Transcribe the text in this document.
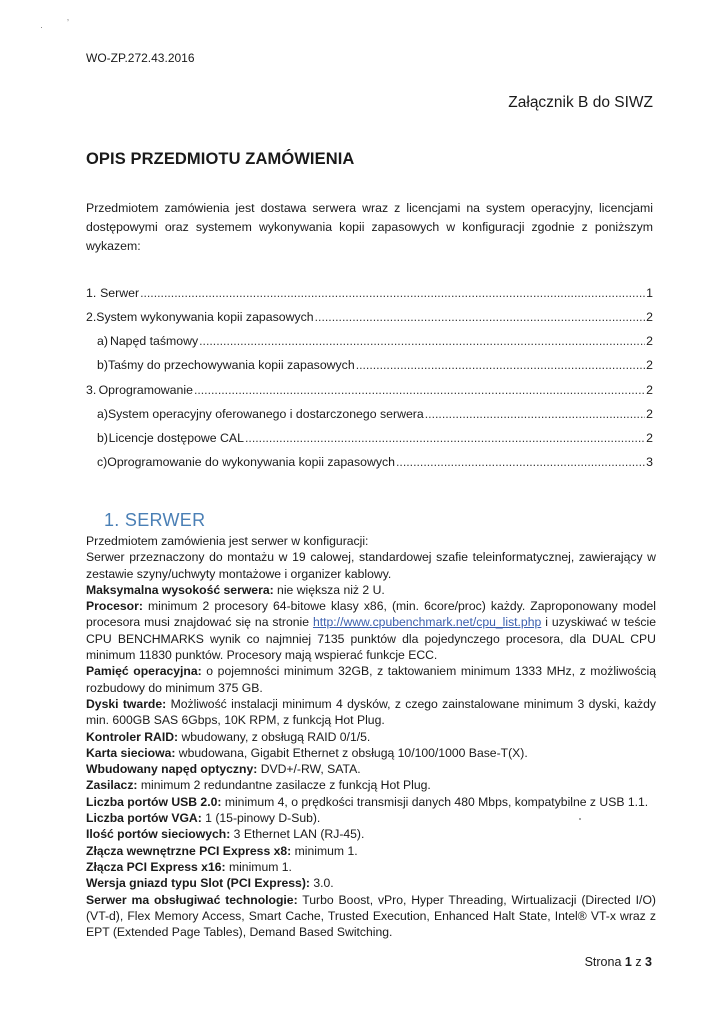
·	ʼ
WO-ZP.272.43.2016
Załącznik B do SIWZ
OPIS PRZEDMIOTU ZAMÓWIENIA

Przedmiotem zamówienia jest dostawa serwera wraz z licencjami na system operacyjny, licencjami dostępowymi oraz systemem wykonywania kopii zapasowych w konfiguracji zgodnie z poniższym wykazem:

1. Serwer .....	1
2. System wykonywania kopii zapasowych .....	2
a) Napęd taśmowy .....	2
b) Taśmy do przechowywania kopii zapasowych .....	2
3. Oprogramowanie .....	2
a) System operacyjny oferowanego i dostarczonego serwera .....	2
b) Licencje dostępowe CAL .....	2
c) Oprogramowanie do wykonywania kopii zapasowych .....	3
1. SERWER

Przedmiotem zamówienia jest serwer w konfiguracji:

Serwer przeznaczony do montażu w 19 calowej, standardowej szafie teleinformatycznej, zawierający w zestawie szyny/uchwyty montażowe i organizer kablowy.

Maksymalna wysokość serwera: nie większa niż 2 U.

Procesor: minimum 2 procesory 64-bitowe klasy x86, (min. 6core/proc) każdy. Zaproponowany model procesora musi znajdować się na stronie http://www.cpubenchmark.net/cpu_list.php i uzyskiwać w teście CPU BENCHMARKS wynik co najmniej 7135 punktów dla pojedynczego procesora, dla DUAL CPU minimum 11830 punktów. Procesory mają wspierać funkcje ECC.

Pamięć operacyjna: o pojemności minimum 32GB, z taktowaniem minimum 1333 MHz, z możliwością rozbudowy do minimum 375 GB.

Dyski twarde: Możliwość instalacji minimum 4 dysków, z czego zainstalowane minimum 3 dyski, każdy min. 600GB SAS 6Gbps, 10K RPM, z funkcją Hot Plug.

Kontroler RAID: wbudowany, z obsługą RAID 0/1/5.

Karta sieciowa: wbudowana, Gigabit Ethernet z obsługą 10/100/1000 Base-T(X).

Wbudowany napęd optyczny: DVD+/-RW, SATA.

Zasilacz: minimum 2 redundantne zasilacze z funkcją Hot Plug.

Liczba portów USB 2.0: minimum 4, o prędkości transmisji danych 480 Mbps, kompatybilne z USB 1.1.

Liczba portów VGA: 1 (15-pinowy D-Sub).

Ilość portów sieciowych: 3 Ethernet LAN (RJ-45).

Złącza wewnętrzne PCI Express x8: minimum 1.

Złącza PCI Express x16: minimum 1.

Wersja gniazd typu Slot (PCI Express): 3.0.

Serwer ma obsługiwać technologie: Turbo Boost, vPro, Hyper Threading, Wirtualizacji (Directed I/O) (VT-d), Flex Memory Access, Smart Cache, Trusted Execution, Enhanced Halt State, Intel® VT-x wraz z EPT (Extended Page Tables), Demand Based Switching.

Strona 1 z 3
